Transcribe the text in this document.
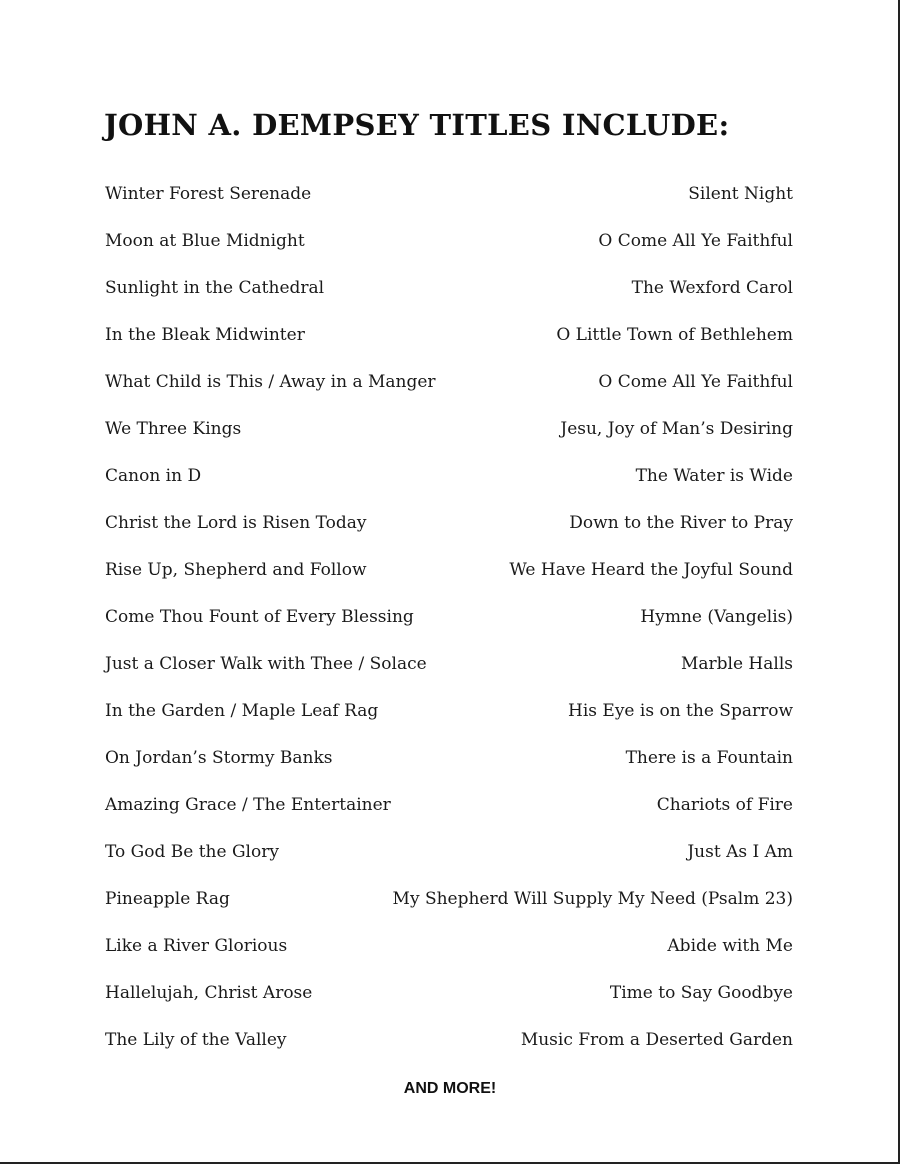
JOHN A. DEMPSEY TITLES INCLUDE:
Winter Forest Serenade	Silent Night
Moon at Blue Midnight	O Come All Ye Faithful
Sunlight in the Cathedral	The Wexford Carol
In the Bleak Midwinter	O Little Town of Bethlehem
What Child is This / Away in a Manger	O Come All Ye Faithful
We Three Kings	Jesu, Joy of Man’s Desiring
Canon in D	The Water is Wide
Christ the Lord is Risen Today	Down to the River to Pray
Rise Up, Shepherd and Follow	We Have Heard the Joyful Sound
Come Thou Fount of Every Blessing	Hymne (Vangelis)
Just a Closer Walk with Thee / Solace	Marble Halls
In the Garden / Maple Leaf Rag	His Eye is on the Sparrow
On Jordan’s Stormy Banks	There is a Fountain
Amazing Grace / The Entertainer	Chariots of Fire
To God Be the Glory	Just As I Am
Pineapple Rag	My Shepherd Will Supply My Need (Psalm 23)
Like a River Glorious	Abide with Me
Hallelujah, Christ Arose	Time to Say Goodbye
The Lily of the Valley	Music From a Deserted Garden
AND MORE!
